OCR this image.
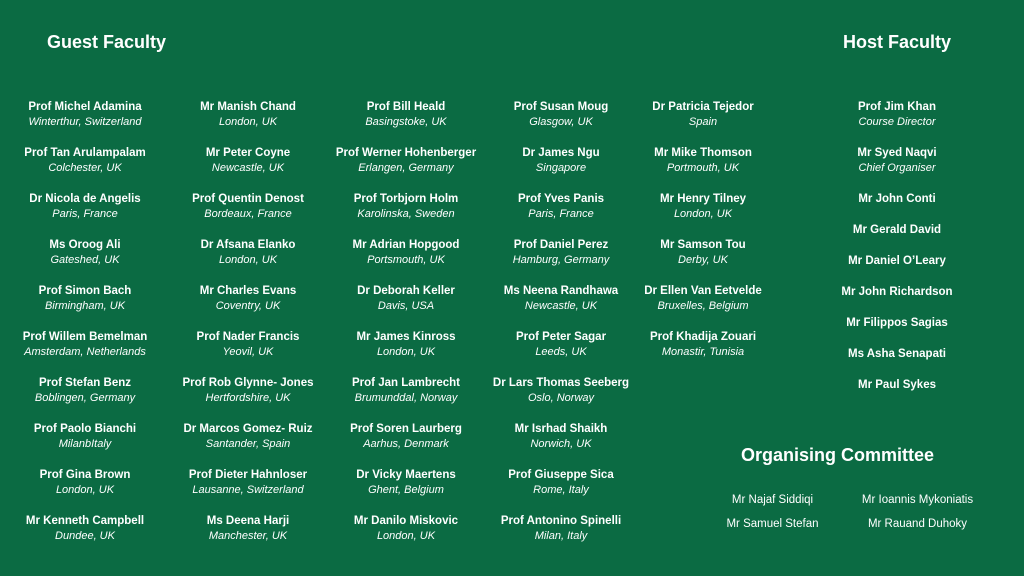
Guest Faculty	Host Faculty
Prof Michel Adamina
Winterthur, Switzerland
Prof Tan Arulampalam
Colchester, UK
Dr Nicola de Angelis
Paris, France
Ms Oroog Ali
Gateshed, UK
Prof Simon Bach
Birmingham, UK
Prof Willem Bemelman
Amsterdam, Netherlands
Prof Stefan Benz
Boblingen, Germany
Prof Paolo Bianchi
MilanbItaly
Prof Gina Brown
London, UK
Mr Kenneth Campbell
Dundee, UK
Mr Manish Chand
London, UK
Mr Peter Coyne
Newcastle, UK
Prof Quentin Denost
Bordeaux, France
Dr Afsana Elanko
London, UK
Mr Charles Evans
Coventry, UK
Prof Nader Francis
Yeovil, UK
Prof Rob Glynne- Jones
Hertfordshire, UK
Dr Marcos Gomez- Ruiz
Santander, Spain
Prof Dieter Hahnloser
Lausanne, Switzerland
Ms Deena Harji
Manchester, UK
Prof Bill Heald
Basingstoke, UK
Prof Werner Hohenberger
Erlangen, Germany
Prof Torbjorn Holm
Karolinska, Sweden
Mr Adrian Hopgood
Portsmouth, UK
Dr Deborah Keller
Davis, USA
Mr James Kinross
London, UK
Prof Jan Lambrecht
Brumunddal, Norway
Prof Soren Laurberg
Aarhus, Denmark
Dr Vicky Maertens
Ghent, Belgium
Mr Danilo Miskovic
London, UK
Prof Susan Moug
Glasgow, UK
Dr James Ngu
Singapore
Prof Yves Panis
Paris, France
Prof Daniel Perez
Hamburg, Germany
Ms Neena Randhawa
Newcastle, UK
Prof Peter Sagar
Leeds, UK
Dr Lars Thomas Seeberg
Oslo, Norway
Mr Isrhad Shaikh
Norwich, UK
Prof Giuseppe Sica
Rome, Italy
Prof Antonino Spinelli
Milan, Italy
Dr Patricia Tejedor
Spain
Mr Mike Thomson
Portmouth, UK
Mr Henry Tilney
London, UK
Mr Samson Tou
Derby, UK
Dr Ellen Van Eetvelde
Bruxelles, Belgium
Prof Khadija Zouari
Monastir, Tunisia
Prof Jim Khan
Course Director
Mr Syed Naqvi
Chief Organiser
Mr John Conti
Mr Gerald David
Mr Daniel O’Leary
Mr John Richardson
Mr Filippos Sagias
Ms Asha Senapati
Mr Paul Sykes
Organising Committee
Mr Najaf Siddiqi	Mr Ioannis Mykoniatis
Mr Samuel Stefan	Mr Rauand Duhoky
